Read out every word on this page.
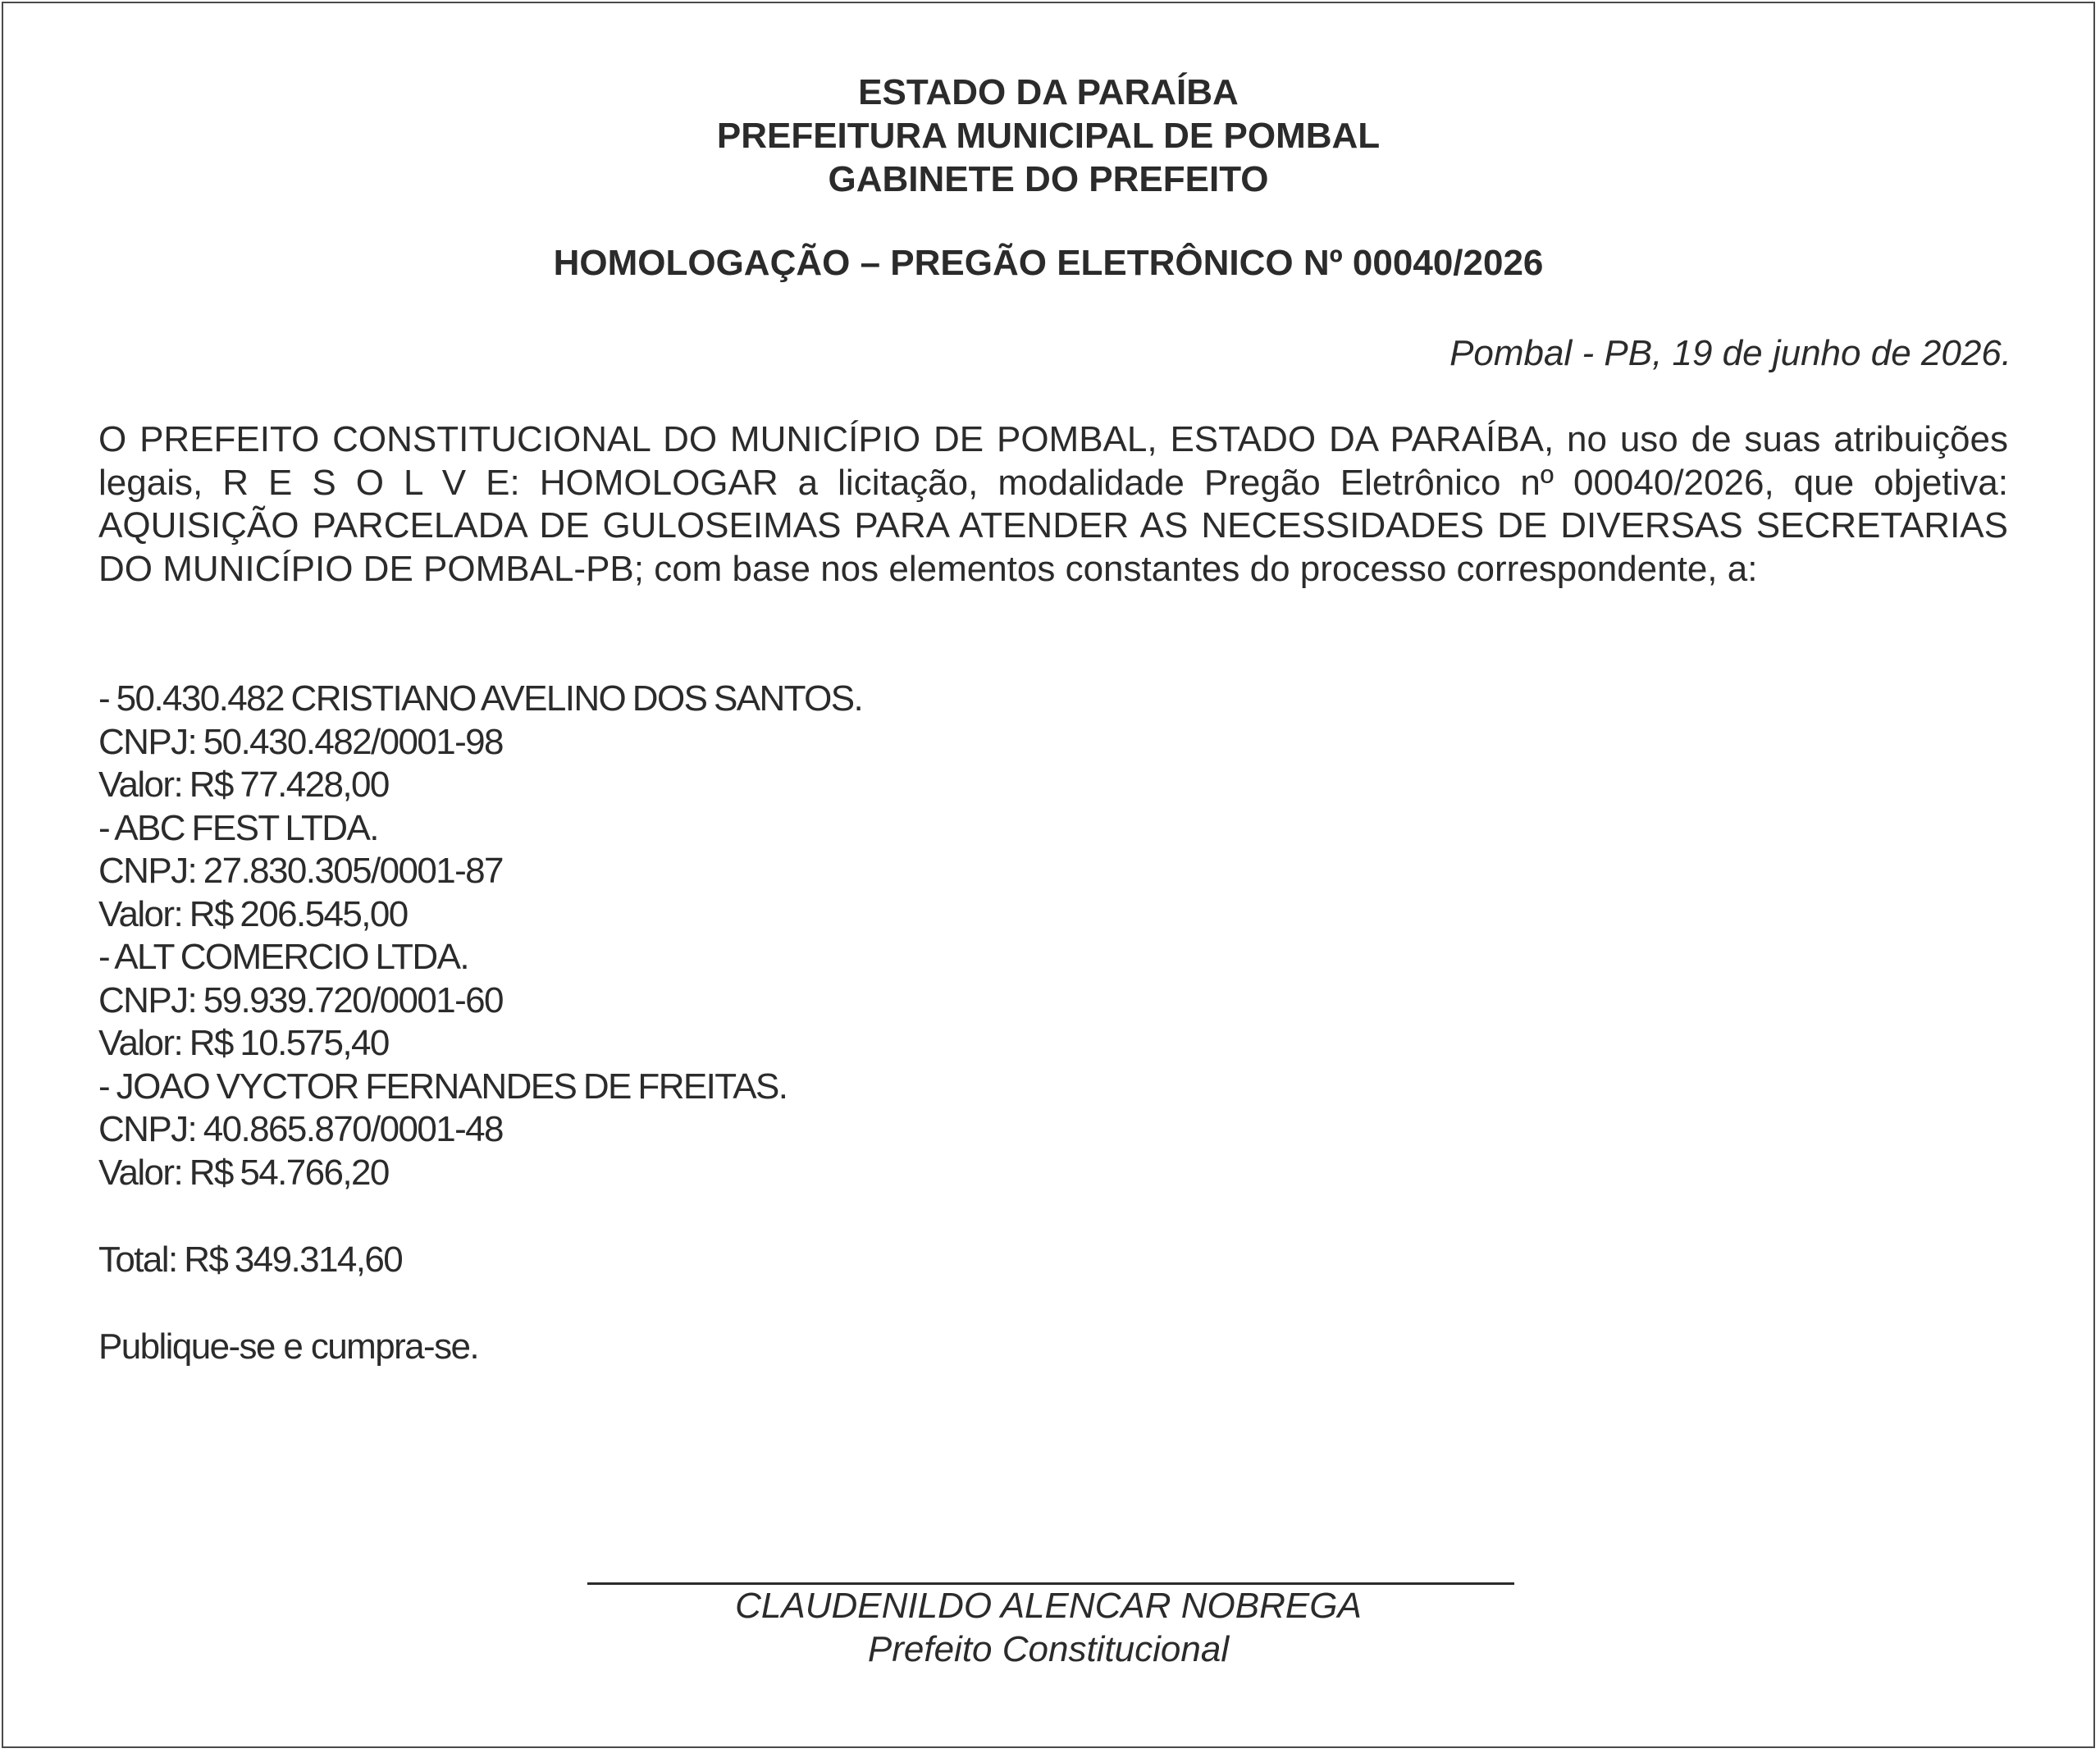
ESTADO DA PARAÍBA
PREFEITURA MUNICIPAL DE POMBAL
GABINETE DO PREFEITO
HOMOLOGAÇÃO – PREGÃO ELETRÔNICO Nº 00040/2026
Pombal - PB, 19 de junho de 2026.
O PREFEITO CONSTITUCIONAL DO MUNICÍPIO DE POMBAL, ESTADO DA PARAÍBA, no uso de suas atribuições legais, R E S O L V E: HOMOLOGAR a licitação, modalidade Pregão Eletrônico nº 00040/2026, que objetiva: AQUISIÇÃO PARCELADA DE GULOSEIMAS PARA ATENDER AS NECESSIDADES DE DIVERSAS SECRETARIAS DO MUNICÍPIO DE POMBAL-PB; com base nos elementos constantes do processo correspondente, a:
- 50.430.482 CRISTIANO AVELINO DOS SANTOS.
CNPJ: 50.430.482/0001-98
Valor: R$ 77.428,00
- ABC FEST LTDA.
CNPJ: 27.830.305/0001-87
Valor: R$ 206.545,00
- ALT COMERCIO LTDA.
CNPJ: 59.939.720/0001-60
Valor: R$ 10.575,40
- JOAO VYCTOR FERNANDES DE FREITAS.
CNPJ: 40.865.870/0001-48
Valor: R$ 54.766,20
Total: R$ 349.314,60
Publique-se e cumpra-se.
CLAUDENILDO ALENCAR NOBREGA
Prefeito Constitucional
